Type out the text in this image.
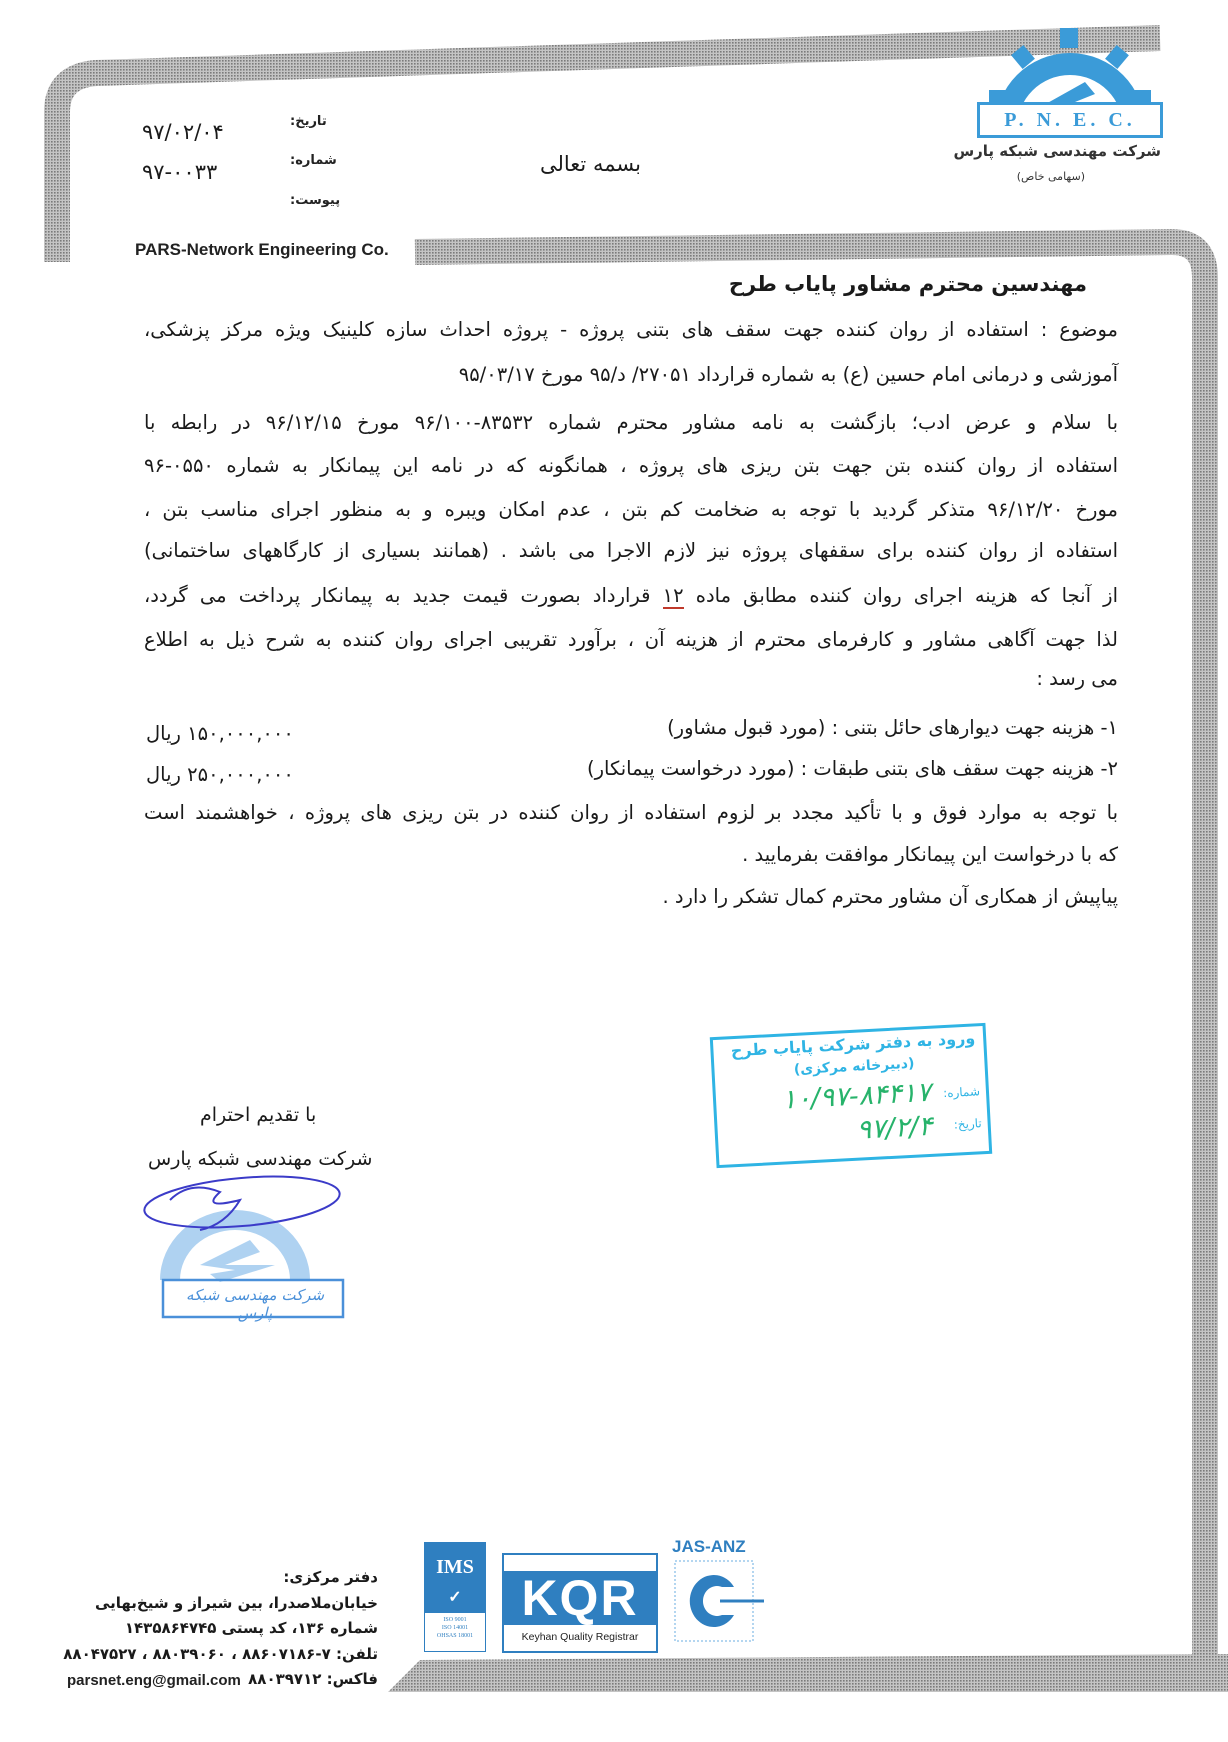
P. N. E. C.
شرکت مهندسی شبکه پارس
(سهامی خاص)
تاریخ:
۹۷/۰۲/۰۴
شماره:
۹۷-۰۰۳۳
پیوست:
بسمه تعالی
PARS-Network Engineering Co.
مهندسین محترم مشاور پایاب طرح
موضوع : استفاده از روان کننده جهت سقف های بتنی پروژه - پروژه احداث سازه کلینیک ویژه مرکز پزشکی،
آموزشی و درمانی امام حسین (ع) به شماره قرارداد ۲۷۰۵۱/ د/۹۵ مورخ ۹۵/۰۳/۱۷
با سلام و عرض ادب؛ بازگشت به نامه مشاور محترم شماره ۸۳۵۳۲-۹۶/۱۰۰ مورخ ۹۶/۱۲/۱۵ در رابطه با
استفاده از روان کننده بتن جهت بتن ریزی های پروژه ، همانگونه که در نامه این پیمانکار به شماره ۰۵۵۰-۹۶
مورخ ۹۶/۱۲/۲۰ متذکر گردید با توجه به ضخامت کم بتن ، عدم امکان ویبره و به منظور اجرای مناسب بتن ،
استفاده از روان کننده برای سقفهای پروژه نیز لازم الاجرا می باشد . (همانند بسیاری از کارگاههای ساختمانی)
از آنجا که هزینه اجرای روان کننده مطابق ماده ۱۲ قرارداد بصورت قیمت جدید به پیمانکار پرداخت می گردد،
لذا جهت آگاهی مشاور و کارفرمای محترم از هزینه آن ، برآورد تقریبی اجرای روان کننده به شرح ذیل به اطلاع
می رسد :
۱- هزینه جهت دیوارهای حائل بتنی : (مورد قبول مشاور)
۱۵۰,۰۰۰,۰۰۰ ریال
۲- هزینه جهت سقف های بتنی طبقات : (مورد درخواست پیمانکار)
۲۵۰,۰۰۰,۰۰۰ ریال
با توجه به موارد فوق و با تأکید مجدد بر لزوم استفاده از روان کننده در بتن ریزی های پروژه ، خواهشمند است
که با درخواست این پیمانکار موافقت بفرمایید .
پیاپیش از همکاری آن مشاور محترم کمال تشکر را دارد .
با تقدیم احترام
شرکت مهندسی شبکه پارس
شرکت مهندسی شبکه پارس
ورود به دفتر شرکت پایاب طرح
(دبیرخانه مرکزی)
شماره:
۱۰/۹۷-۸۴۴۱۷
تاریخ:
۹۷/۲/۴
دفتر مرکزی:
خیابان‌ملاصدرا، بین شیراز و شیخ‌بهایی
شماره ۱۳۶، کد پستی ۱۴۳۵۸۶۴۷۴۵
تلفن: ۷-۸۸۶۰۷۱۸۶ ، ۸۸۰۳۹۰۶۰ ، ۸۸۰۴۷۵۲۷
فاکس: ۸۸۰۳۹۷۱۲
parsnet.eng@gmail.com
IMS
✓
ISO 9001
ISO 14001
OHSAS 18001
KQR
Keyhan Quality Registrar
JAS-ANZ
